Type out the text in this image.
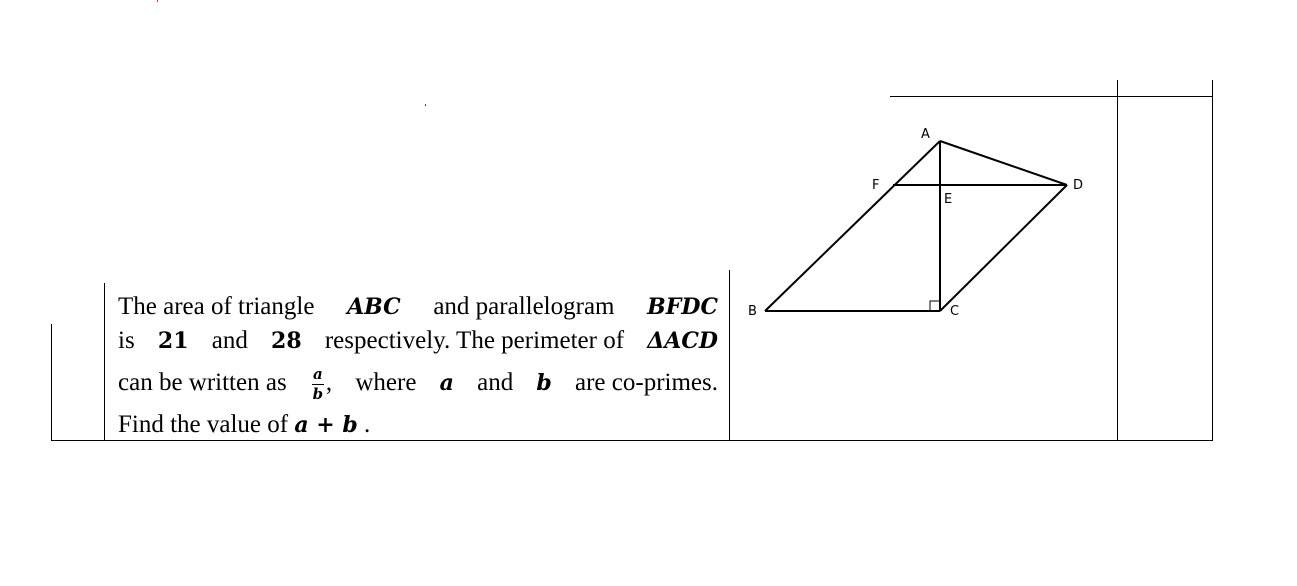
The area of triangle ABC and parallelogram BFDC
is 21 and 28 respectively. The perimeter of ΔACD
can be written as $\frac{a}{b}$ , where a and b are co-primes.
Find the value of a + b .
A
F	D
E
B	C
